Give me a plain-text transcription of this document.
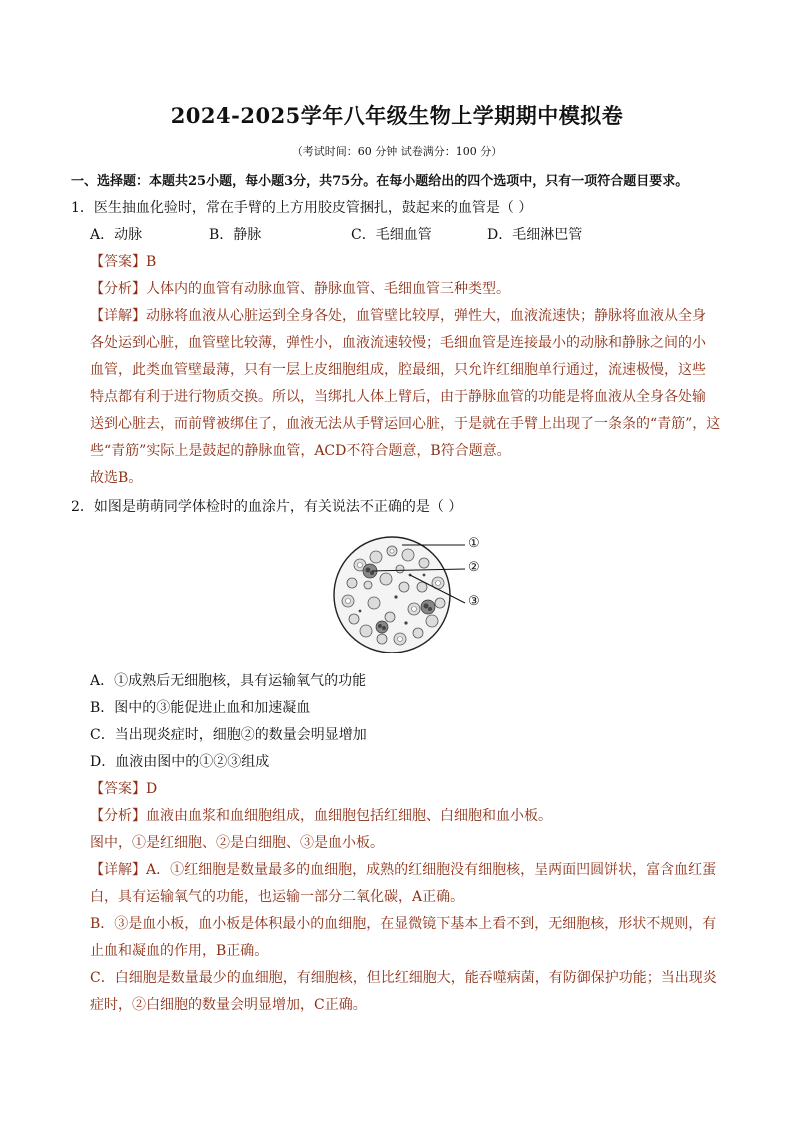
2024-2025学年八年级生物上学期期中模拟卷
（考试时间：60 分钟 试卷满分：100 分）
一、选择题：本题共25小题，每小题3分，共75分。在每小题给出的四个选项中，只有一项符合题目要求。
1．医生抽血化验时，常在手臂的上方用胶皮管捆扎，鼓起来的血管是（ ）
A．动脉	B．静脉	C．毛细血管	D．毛细淋巴管
【答案】B
【分析】人体内的血管有动脉血管、静脉血管、毛细血管三种类型。
【详解】动脉将血液从心脏运到全身各处，血管壁比较厚，弹性大，血液流速快；静脉将血液从全身
各处运到心脏，血管壁比较薄，弹性小，血液流速较慢；毛细血管是连接最小的动脉和静脉之间的小
血管，此类血管壁最薄，只有一层上皮细胞组成，腔最细，只允许红细胞单行通过，流速极慢，这些
特点都有利于进行物质交换。所以，当绑扎人体上臂后，由于静脉血管的功能是将血液从全身各处输
送到心脏去，而前臂被绑住了，血液无法从手臂运回心脏，于是就在手臂上出现了一条条的“青筋”，这
些“青筋”实际上是鼓起的静脉血管，ACD不符合题意，B符合题意。
故选B。
2．如图是萌萌同学体检时的血涂片，有关说法不正确的是（ ）
①
②
③
A．①成熟后无细胞核，具有运输氧气的功能
B．图中的③能促进止血和加速凝血
C．当出现炎症时，细胞②的数量会明显增加
D．血液由图中的①②③组成
【答案】D
【分析】血液由血浆和血细胞组成，血细胞包括红细胞、白细胞和血小板。
图中，①是红细胞、②是白细胞、③是血小板。
【详解】A．①红细胞是数量最多的血细胞，成熟的红细胞没有细胞核，呈两面凹圆饼状，富含血红蛋
白，具有运输氧气的功能，也运输一部分二氧化碳，A正确。
B．③是血小板，血小板是体积最小的血细胞，在显微镜下基本上看不到，无细胞核，形状不规则，有
止血和凝血的作用，B正确。
C．白细胞是数量最少的血细胞，有细胞核，但比红细胞大，能吞噬病菌，有防御保护功能；当出现炎
症时，②白细胞的数量会明显增加，C正确。
